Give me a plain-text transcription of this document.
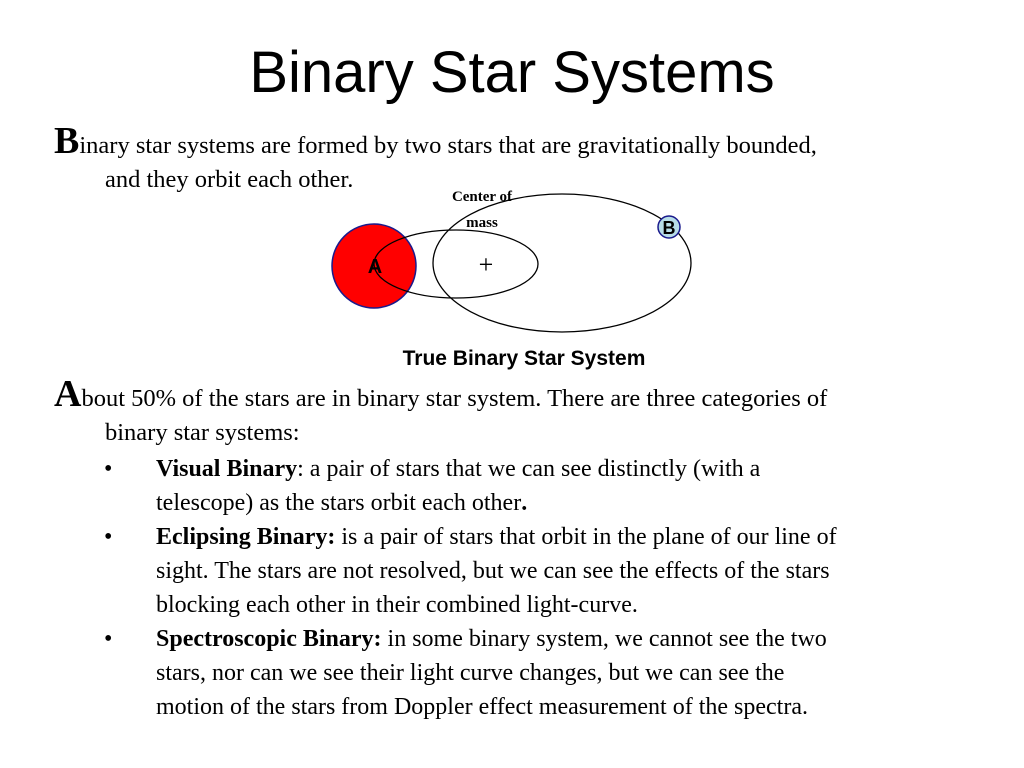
Binary Star Systems
Binary star systems are formed by two stars that are gravitationally bounded,
and they orbit each other.
A
B
+
Center of
mass
True Binary Star System
About 50% of the stars are in binary star system. There are three categories of
binary star systems:
• Visual Binary: a pair of stars that we can see distinctly (with a
telescope) as the stars orbit each other.
• Eclipsing Binary: is a pair of stars that orbit in the plane of our line of
sight. The stars are not resolved, but we can see the effects of the stars
blocking each other in their combined light-curve.
• Spectroscopic Binary: in some binary system, we cannot see the two
stars, nor can we see their light curve changes, but we can see the
motion of the stars from Doppler effect measurement of the spectra.
